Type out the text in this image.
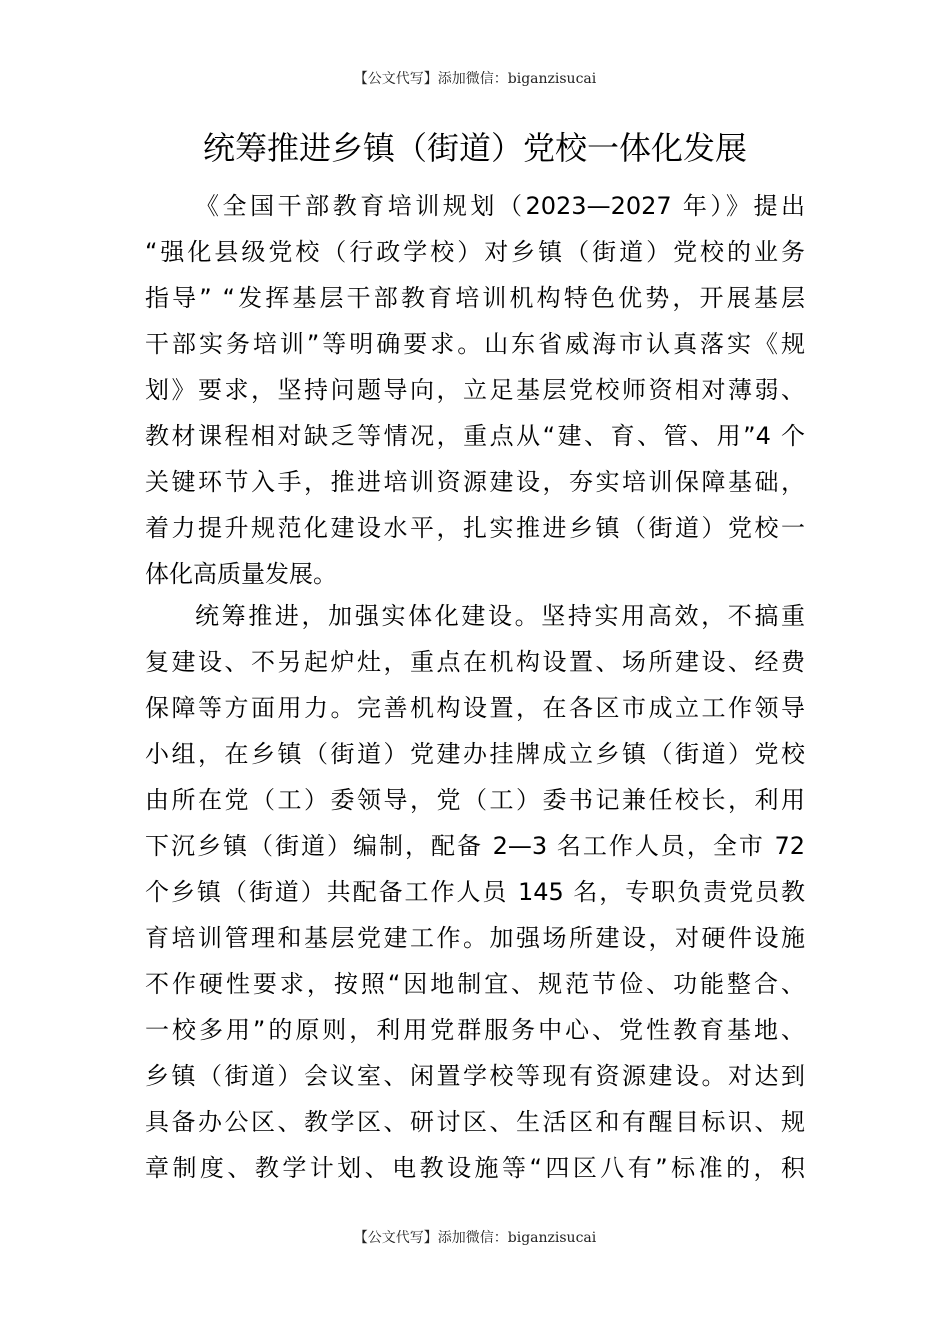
【公文代写】添加微信：biganzisucai
统筹推进乡镇（街道）党校一体化发展
《全国干部教育培训规划（2023—2027 年）》提出
“强化县级党校（行政学校）对乡镇（街道）党校的业务
指导” “发挥基层干部教育培训机构特色优势，开展基层
干部实务培训”等明确要求。山东省威海市认真落实《规
划》要求，坚持问题导向，立足基层党校师资相对薄弱、
教材课程相对缺乏等情况，重点从“建、育、管、用”4 个
关键环节入手，推进培训资源建设，夯实培训保障基础，
着力提升规范化建设水平，扎实推进乡镇（街道）党校一
体化高质量发展。
统筹推进，加强实体化建设。坚持实用高效，不搞重
复建设、不另起炉灶，重点在机构设置、场所建设、经费
保障等方面用力。完善机构设置，在各区市成立工作领导
小组，在乡镇（街道）党建办挂牌成立乡镇（街道）党校
由所在党（工）委领导，党（工）委书记兼任校长，利用
下沉乡镇（街道）编制，配备 2—3 名工作人员，全市 72
个乡镇（街道）共配备工作人员 145 名，专职负责党员教
育培训管理和基层党建工作。加强场所建设，对硬件设施
不作硬性要求，按照“因地制宜、规范节俭、功能整合、
一校多用”的原则，利用党群服务中心、党性教育基地、
乡镇（街道）会议室、闲置学校等现有资源建设。对达到
具备办公区、教学区、研讨区、生活区和有醒目标识、规
章制度、教学计划、电教设施等“四区八有”标准的，积
【公文代写】添加微信：biganzisucai
